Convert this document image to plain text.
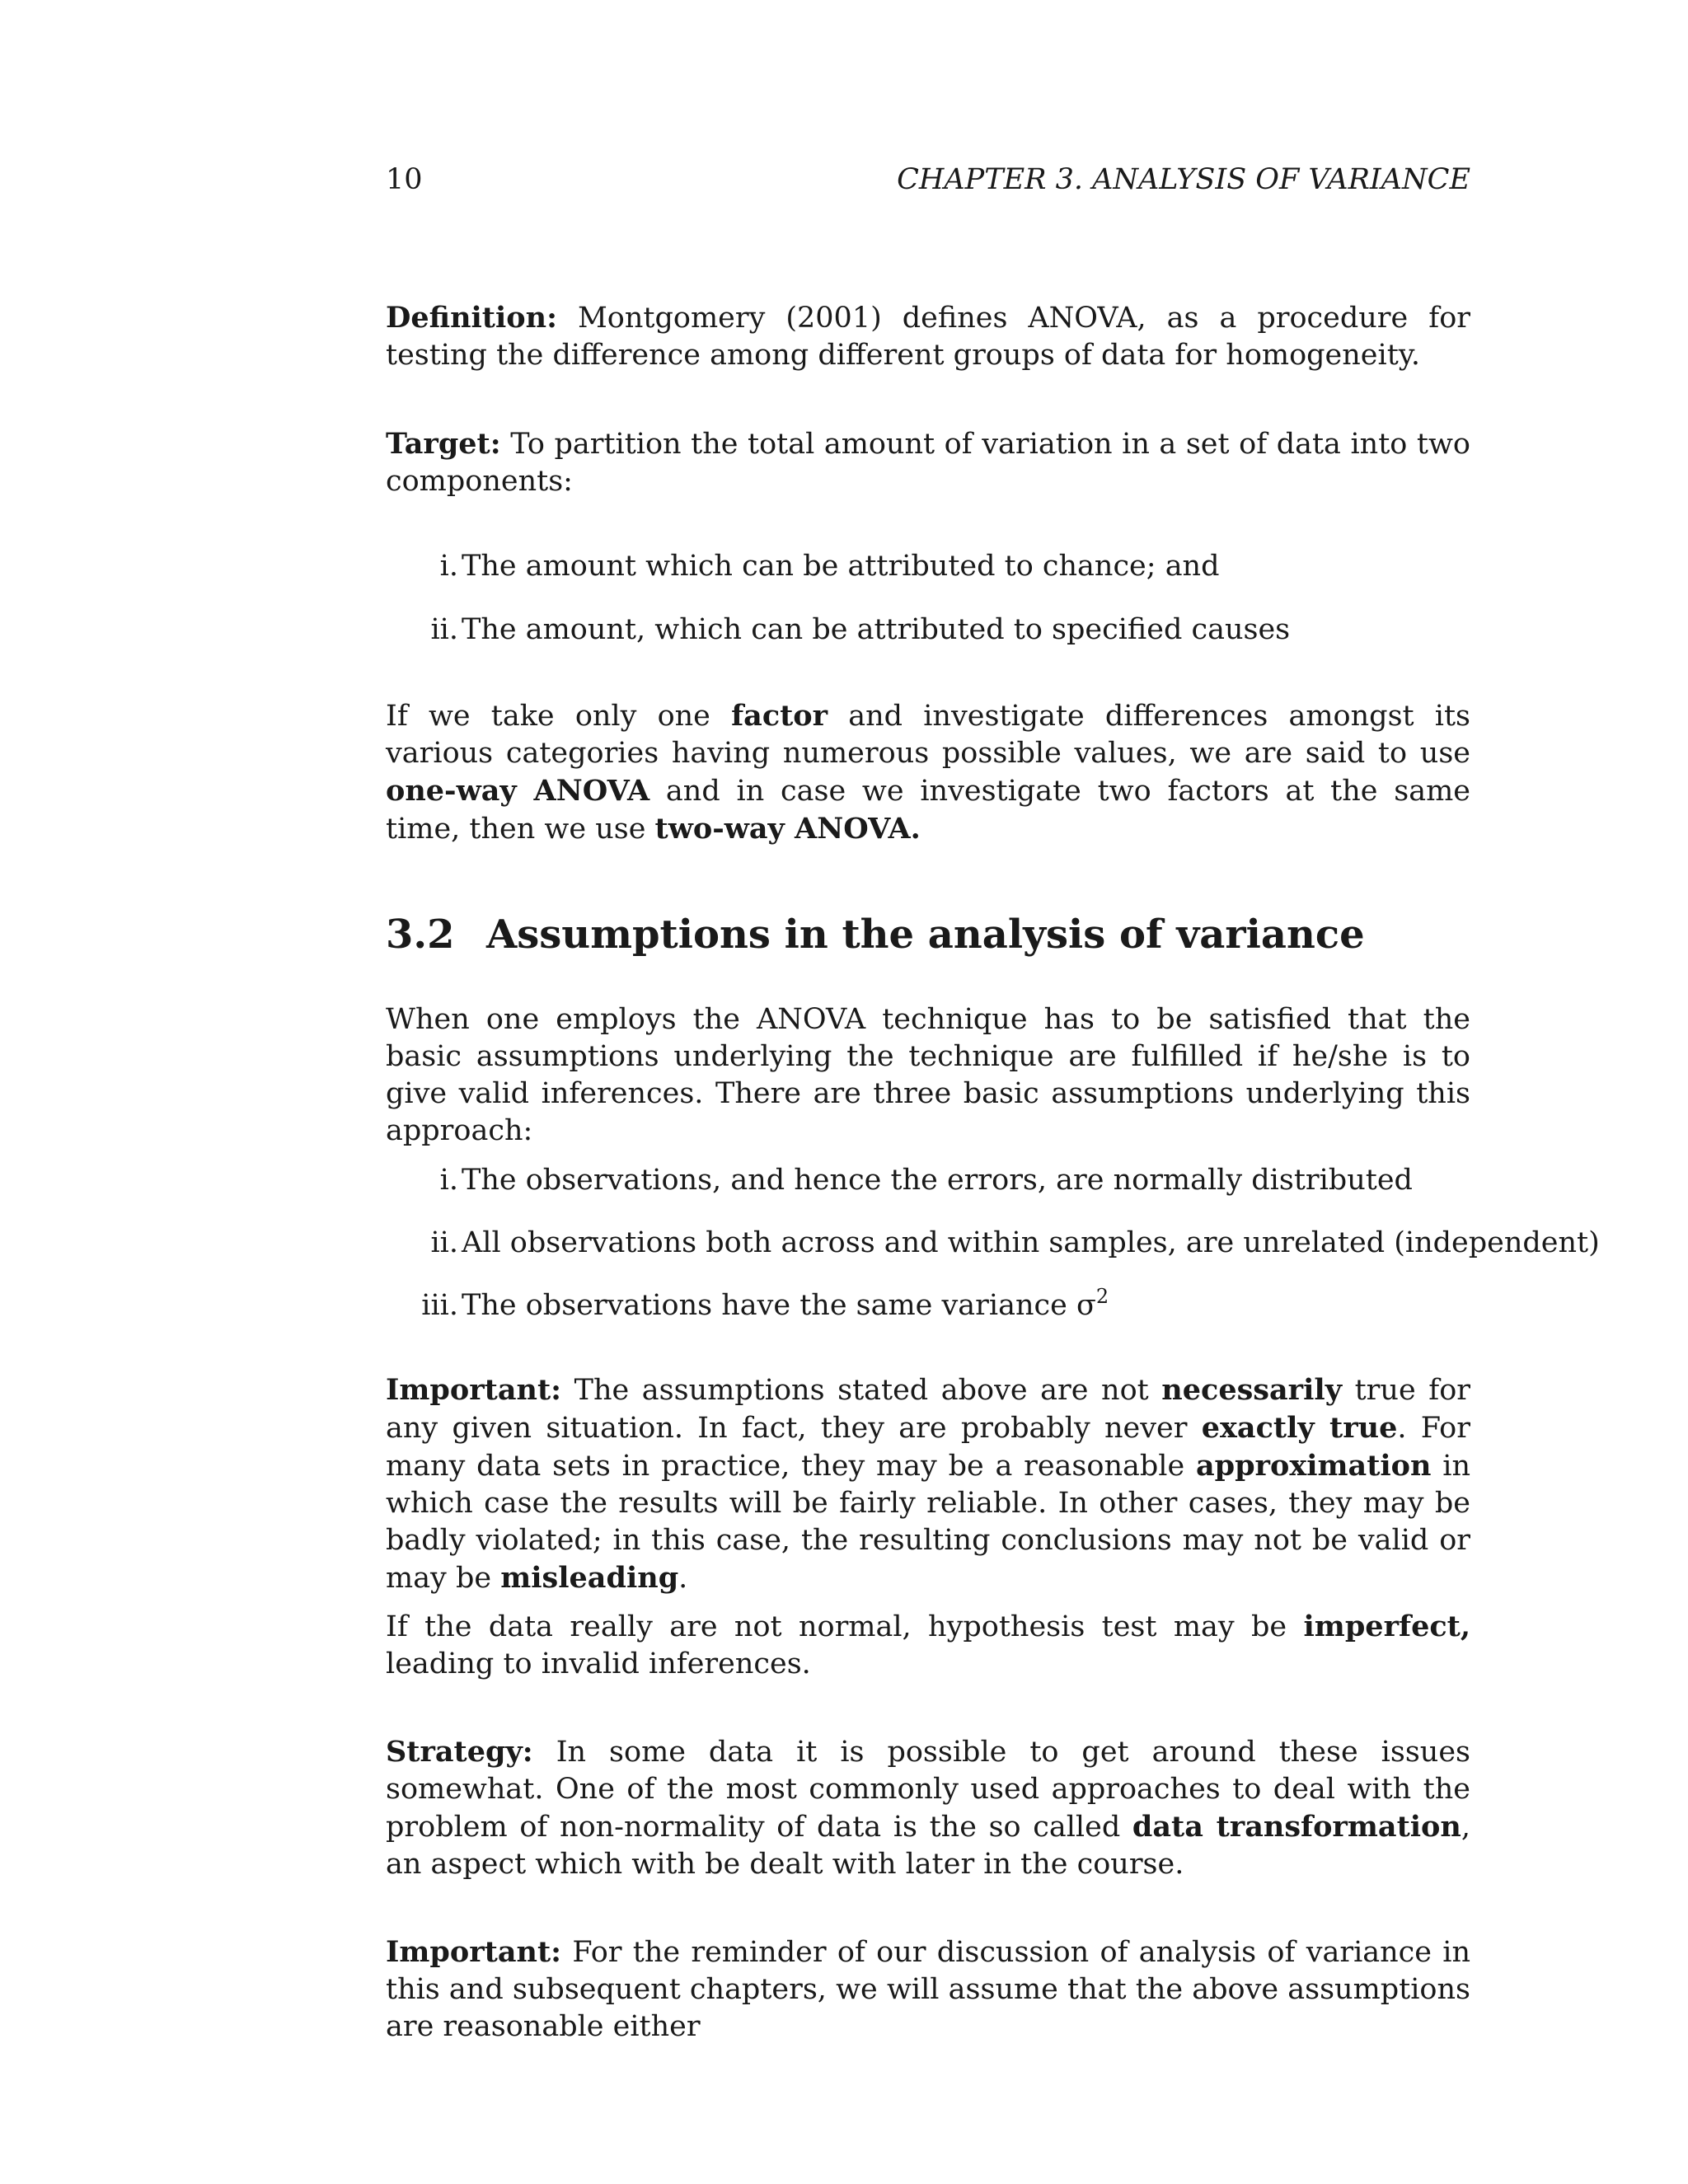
10	CHAPTER 3. ANALYSIS OF VARIANCE

Definition: Montgomery (2001) defines ANOVA, as a procedure for testing the difference among different groups of data for homogeneity.

Target: To partition the total amount of variation in a set of data into two components:

i. The amount which can be attributed to chance; and
ii. The amount, which can be attributed to specified causes

If we take only one factor and investigate differences amongst its various categories having numerous possible values, we are said to use one-way ANOVA and in case we investigate two factors at the same time, then we use two-way ANOVA.

3.2 Assumptions in the analysis of variance

When one employs the ANOVA technique has to be satisfied that the basic assumptions underlying the technique are fulfilled if he/she is to give valid inferences. There are three basic assumptions underlying this approach:

i. The observations, and hence the errors, are normally distributed
ii. All observations both across and within samples, are unrelated (independent)
iii. The observations have the same variance $\sigma^2$

Important: The assumptions stated above are not necessarily true for any given situation. In fact, they are probably never exactly true. For many data sets in practice, they may be a reasonable approximation in which case the results will be fairly reliable. In other cases, they may be badly violated; in this case, the resulting conclusions may not be valid or may be misleading.

If the data really are not normal, hypothesis test may be imperfect, leading to invalid inferences.

Strategy: In some data it is possible to get around these issues somewhat. One of the most commonly used approaches to deal with the problem of non-normality of data is the so called data transformation, an aspect which with be dealt with later in the course.

Important: For the reminder of our discussion of analysis of variance in this and subsequent chapters, we will assume that the above assumptions are reasonable either
